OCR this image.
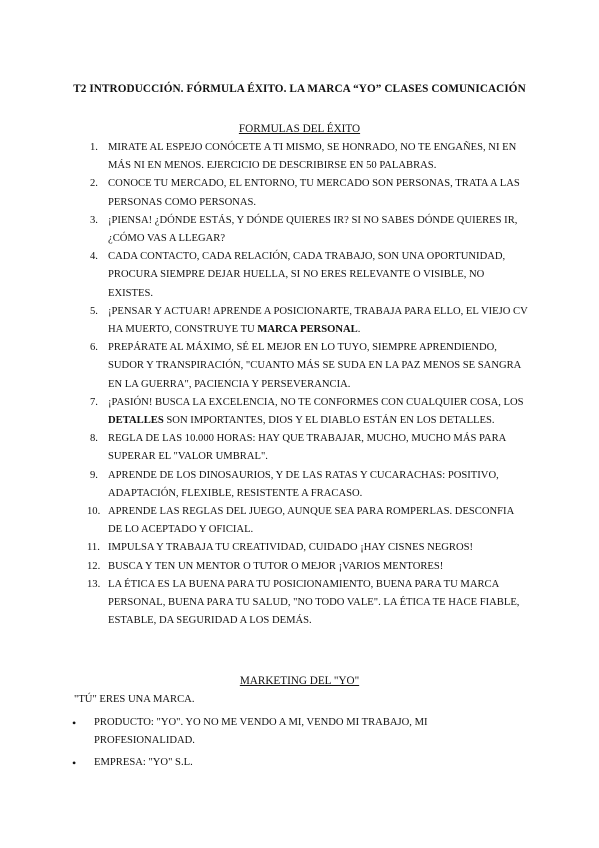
T2 INTRODUCCIÓN. FÓRMULA ÉXITO. LA MARCA “YO” CLASES COMUNICACIÓN
FORMULAS DEL ÉXITO
1. MIRATE AL ESPEJO CONÓCETE A TI MISMO, SE HONRADO, NO TE ENGAÑES, NI EN MÁS NI EN MENOS. EJERCICIO DE DESCRIBIRSE EN 50 PALABRAS.
2. CONOCE TU MERCADO, EL ENTORNO, TU MERCADO SON PERSONAS, TRATA A LAS PERSONAS COMO PERSONAS.
3. ¡PIENSA! ¿DÓNDE ESTÁS, Y DÓNDE QUIERES IR? SI NO SABES DÓNDE QUIERES IR, ¿CÓMO VAS A LLEGAR?
4. CADA CONTACTO, CADA RELACIÓN, CADA TRABAJO, SON UNA OPORTUNIDAD, PROCURA SIEMPRE DEJAR HUELLA, SI NO ERES RELEVANTE O VISIBLE, NO EXISTES.
5. ¡PENSAR Y ACTUAR! APRENDE A POSICIONARTE, TRABAJA PARA ELLO, EL VIEJO CV HA MUERTO, CONSTRUYE TU MARCA PERSONAL.
6. PREPÁRATE AL MÁXIMO, SÉ EL MEJOR EN LO TUYO, SIEMPRE APRENDIENDO, SUDOR Y TRANSPIRACIÓN, "CUANTO MÁS SE SUDA EN LA PAZ MENOS SE SANGRA EN LA GUERRA", PACIENCIA Y PERSEVERANCIA.
7. ¡PASIÓN! BUSCA LA EXCELENCIA, NO TE CONFORMES CON CUALQUIER COSA, LOS DETALLES SON IMPORTANTES, DIOS Y EL DIABLO ESTÁN EN LOS DETALLES.
8. REGLA DE LAS 10.000 HORAS: HAY QUE TRABAJAR, MUCHO, MUCHO MÁS PARA SUPERAR EL "VALOR UMBRAL".
9. APRENDE DE LOS DINOSAURIOS, Y DE LAS RATAS Y CUCARACHAS: POSITIVO, ADAPTACIÓN, FLEXIBLE, RESISTENTE A FRACASO.
10. APRENDE LAS REGLAS DEL JUEGO, AUNQUE SEA PARA ROMPERLAS. DESCONFIA DE LO ACEPTADO Y OFICIAL.
11. IMPULSA Y TRABAJA TU CREATIVIDAD, CUIDADO ¡HAY CISNES NEGROS!
12. BUSCA Y TEN UN MENTOR O TUTOR O MEJOR ¡VARIOS MENTORES!
13. LA ÉTICA ES LA BUENA PARA TU POSICIONAMIENTO, BUENA PARA TU MARCA PERSONAL, BUENA PARA TU SALUD, "NO TODO VALE". LA ÉTICA TE HACE FIABLE, ESTABLE, DA SEGURIDAD A LOS DEMÁS.
MARKETING DEL "YO"
"TÚ" ERES UNA MARCA.
• PRODUCTO: "YO". YO NO ME VENDO A MI, VENDO MI TRABAJO, MI PROFESIONALIDAD.
• EMPRESA: "YO" S.L.
